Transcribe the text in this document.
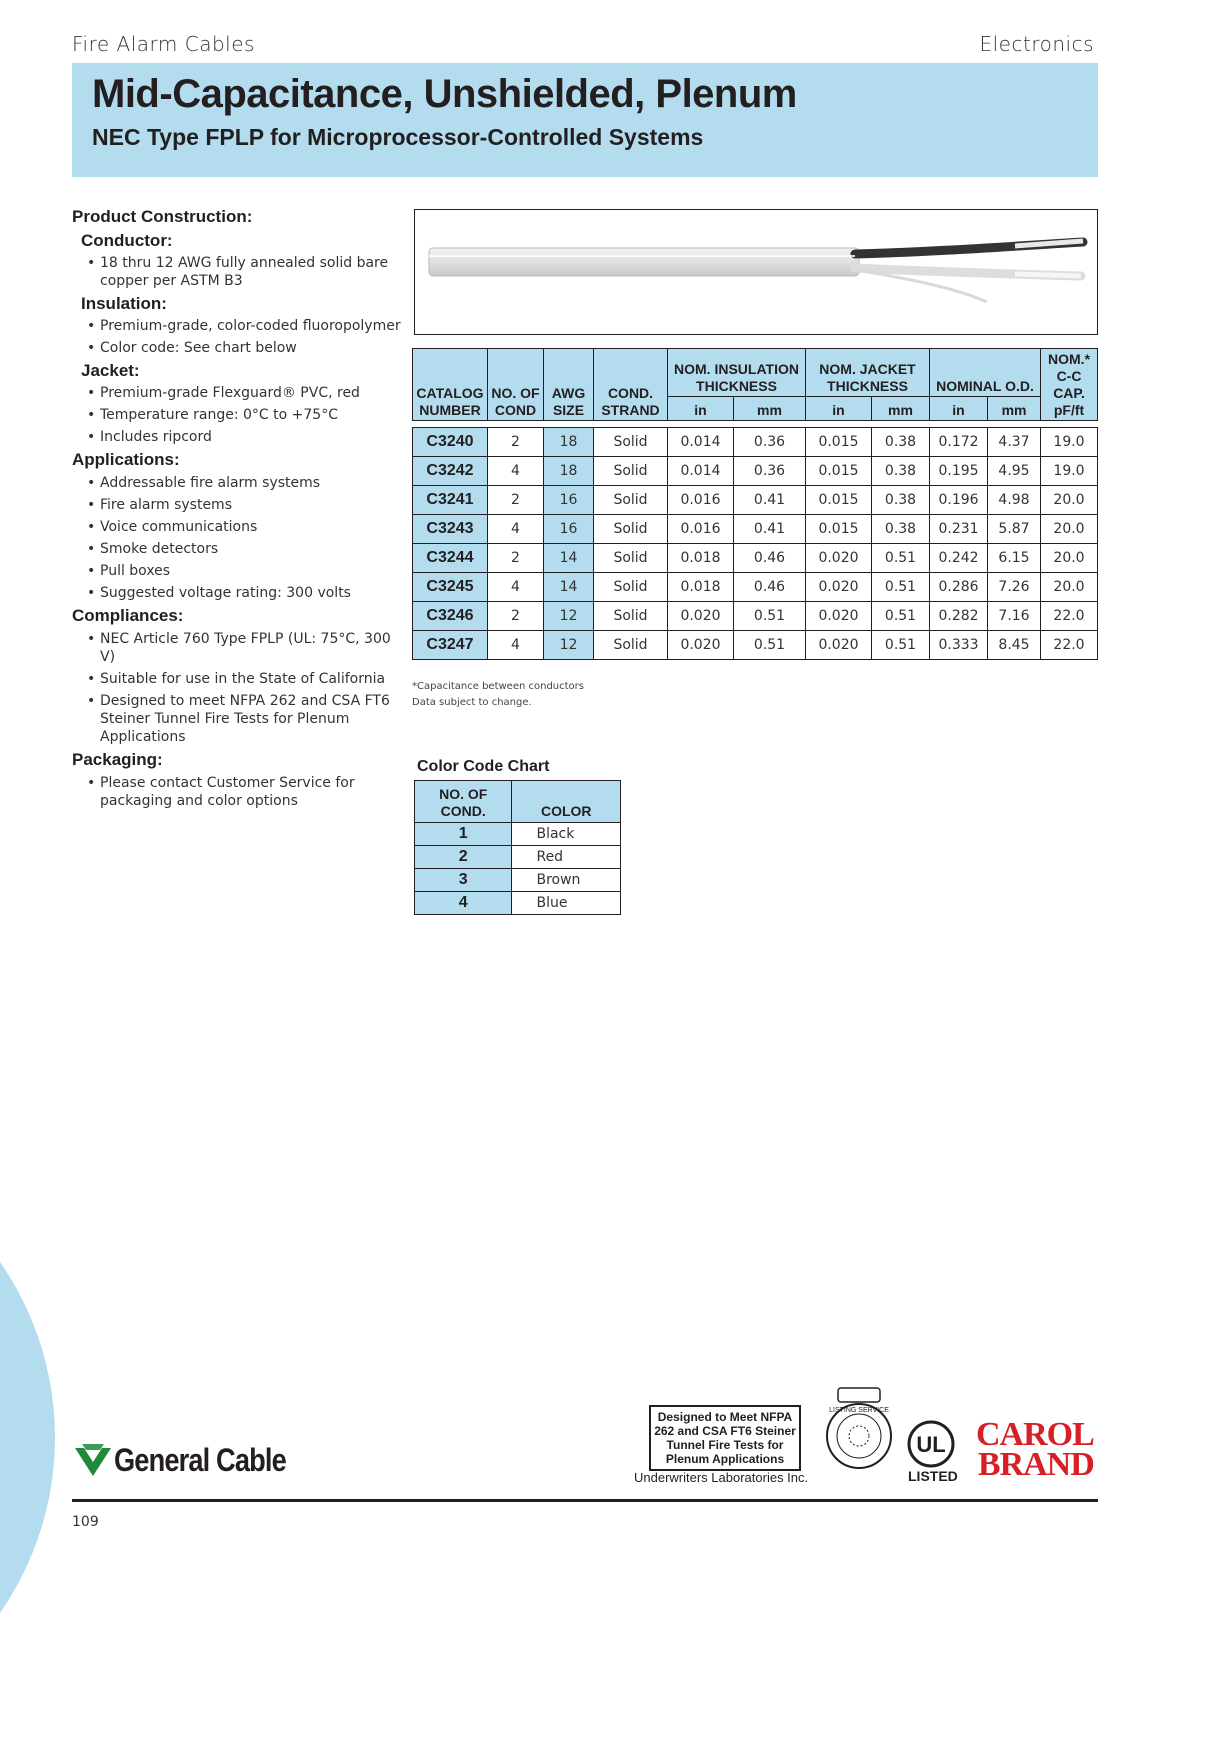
Fire Alarm Cables	Electronics
Mid-Capacitance, Unshielded, Plenum
NEC Type FPLP for Microprocessor-Controlled Systems
Product Construction:
Conductor:
• 18 thru 12 AWG fully annealed solid bare copper per ASTM B3
Insulation:
• Premium-grade, color-coded fluoropolymer
• Color code: See chart below
Jacket:
• Premium-grade Flexguard® PVC, red
• Temperature range: 0°C to +75°C
• Includes ripcord
Applications:
• Addressable fire alarm systems
• Fire alarm systems
• Voice communications
• Smoke detectors
• Pull boxes
• Suggested voltage rating: 300 volts
Compliances:
• NEC Article 760 Type FPLP (UL: 75°C, 300 V)
• Suitable for use in the State of California
• Designed to meet NFPA 262 and CSA FT6 Steiner Tunnel Fire Tests for Plenum Applications
Packaging:
• Please contact Customer Service for packaging and color options
CATALOG NUMBER	NO. OF COND	AWG SIZE	COND. STRAND	NOM. INSULATION THICKNESS		NOM. JACKET THICKNESS		NOMINAL O.D.		NOM.* C-C CAP. pF/ft
				in	mm	in	mm	in	mm	

C3240	2	18	Solid	0.014	0.36	0.015	0.38	0.172	4.37	19.0
C3242	4	18	Solid	0.014	0.36	0.015	0.38	0.195	4.95	19.0
C3241	2	16	Solid	0.016	0.41	0.015	0.38	0.196	4.98	20.0
C3243	4	16	Solid	0.016	0.41	0.015	0.38	0.231	5.87	20.0
C3244	2	14	Solid	0.018	0.46	0.020	0.51	0.242	6.15	20.0
C3245	4	14	Solid	0.018	0.46	0.020	0.51	0.286	7.26	20.0
C3246	2	12	Solid	0.020	0.51	0.020	0.51	0.282	7.16	22.0
C3247	4	12	Solid	0.020	0.51	0.020	0.51	0.333	8.45	22.0
*Capacitance between conductors
Data subject to change.
Color Code Chart
NO. OF COND.	COLOR
1	Black
2	Red
3	Brown
4	Blue
General Cable
Designed to Meet NFPA 262 and CSA FT6 Steiner Tunnel Fire Tests for Plenum Applications
Underwriters Laboratories Inc.
LISTING SERVICE
UL
LISTED
CAROL
BRAND
109
